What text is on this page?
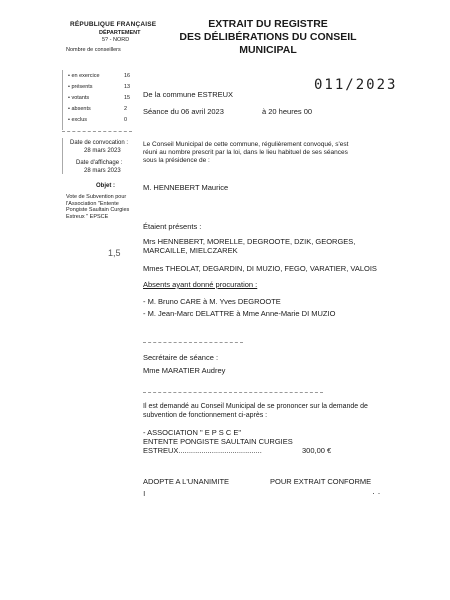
RÉPUBLIQUE FRANÇAISE
DÉPARTEMENT
5? - NORD
Nombre de conseillers
• en exercice	16
• présents	13
• votants	15
• absents	2
• exclus	0
Date de convocation :
28 mars 2023
Date d'affichage :
28 mars 2023
Objet :
Vote de Subvention pour l'Association "Entente Pongiste Saultain Curgies Estreux " EPSCE
1,5
EXTRAIT DU REGISTRE
DES DÉLIBÉRATIONS DU CONSEIL
MUNICIPAL
011/2023
De la commune ESTREUX
Séance du 06 avril 2023	à 20 heures 00
Le Conseil Municipal de cette commune, régulièrement convoqué, s'est
réuni au nombre prescrit par la loi, dans le lieu habituel de ses séances
sous la présidence de :
M. HENNEBERT Maurice
Étaient présents :
Mrs HENNEBERT, MORELLE, DEGROOTE, DZIK, GEORGES,
MARCAILLE, MIELCZAREK
Mmes THEOLAT, DEGARDIN, DI MUZIO, FEGO, VARATIER, VALOIS
Absents ayant donné procuration :
- M. Bruno CARE à M. Yves DEGROOTE
- M. Jean-Marc DELATTRE à Mme Anne-Marie DI MUZIO
Secrétaire de séance :
Mme MARATIER Audrey
Il est demandé au Conseil Municipal de se prononcer sur la demande de
subvention de fonctionnement ci-après :
- ASSOCIATION " E P S C E"
ENTENTE PONGISTE SAULTAIN CURGIES
ESTREUX........................................	300,00 €
ADOPTE A L'UNANIMITE	POUR EXTRAIT CONFORME
ı	· ·
